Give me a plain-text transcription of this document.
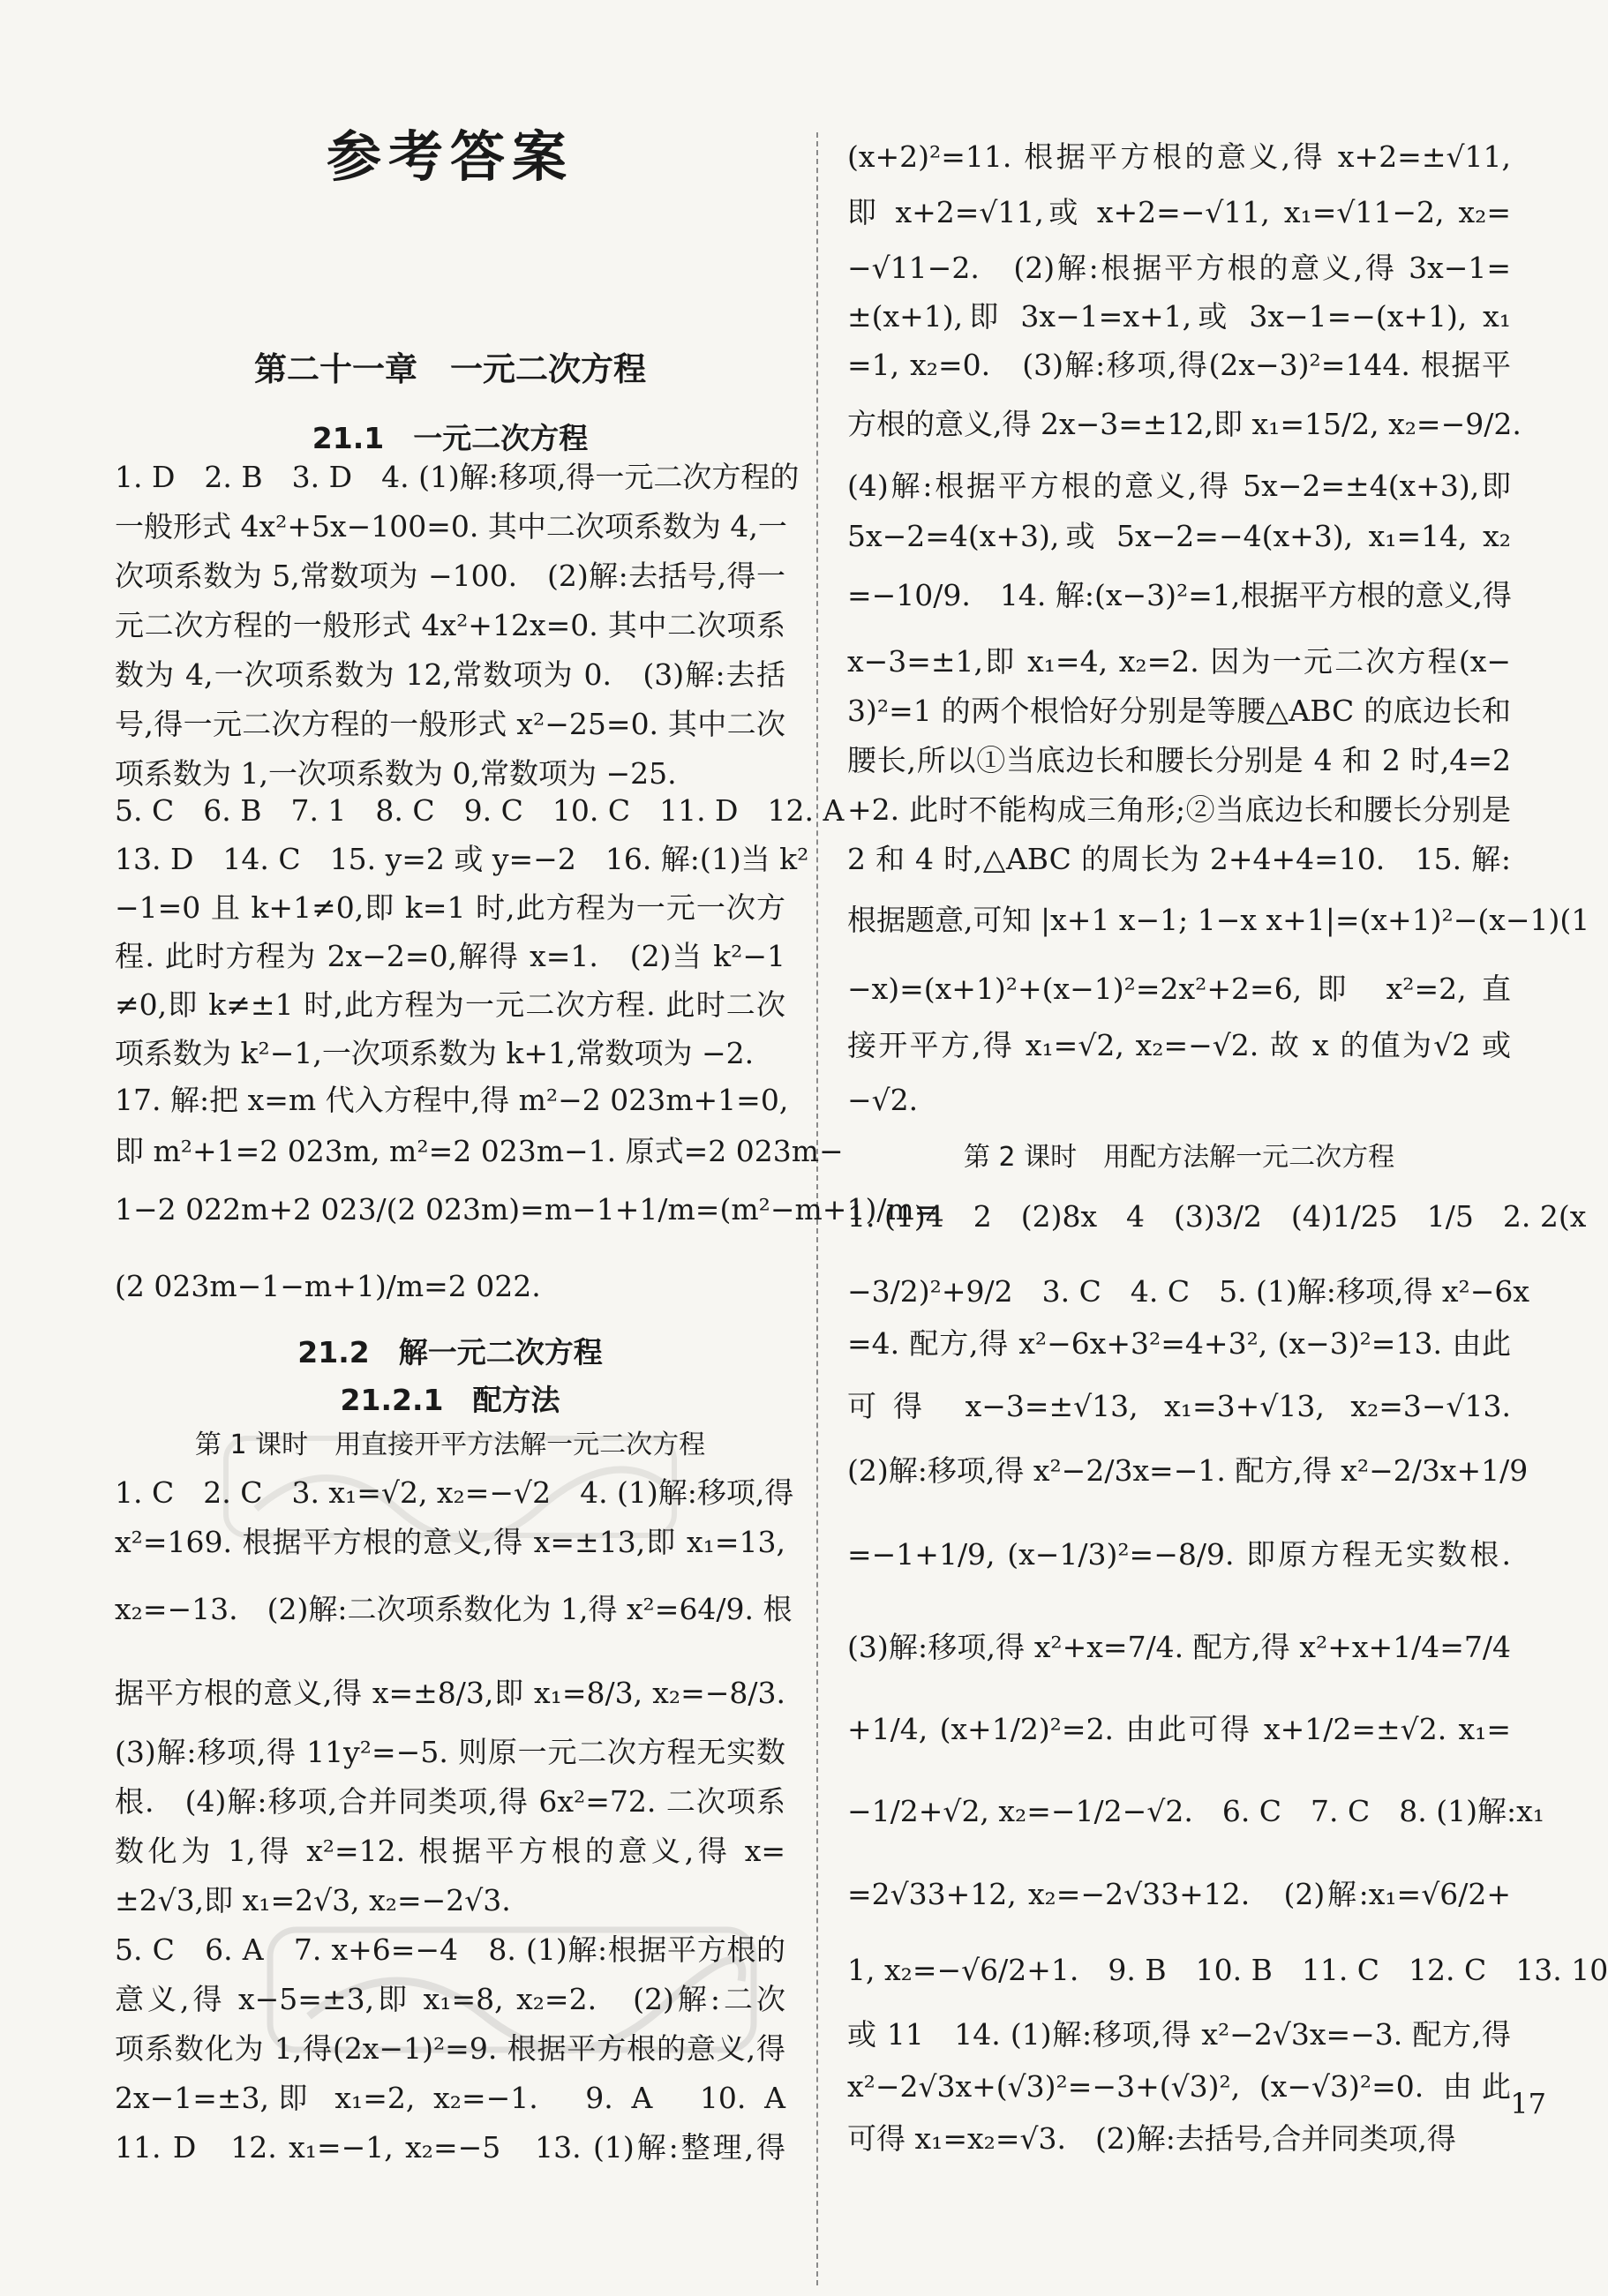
参考答案
第二十一章　一元二次方程
21.1　一元二次方程
1. D　2. B　3. D　4. (1)解:移项,得一元二次方程的
一般形式 4x²+5x−100=0. 其中二次项系数为 4,一
次项系数为 5,常数项为 −100.　(2)解:去括号,得一
元二次方程的一般形式 4x²+12x=0. 其中二次项系
数为 4,一次项系数为 12,常数项为 0.　(3)解:去括
号,得一元二次方程的一般形式 x²−25=0. 其中二次
项系数为 1,一次项系数为 0,常数项为 −25.
5. C　6. B　7. 1　8. C　9. C　10. C　11. D　12. A
13. D　14. C　15. y=2 或 y=−2　16. 解:(1)当 k²
−1=0 且 k+1≠0,即 k=1 时,此方程为一元一次方
程. 此时方程为 2x−2=0,解得 x=1.　(2)当 k²−1
≠0,即 k≠±1 时,此方程为一元二次方程. 此时二次
项系数为 k²−1,一次项系数为 k+1,常数项为 −2.
17. 解:把 x=m 代入方程中,得 m²−2 023m+1=0,
即 m²+1=2 023m, m²=2 023m−1. 原式=2 023m−
1−2 022m+2 023/(2 023m)=m−1+1/m=(m²−m+1)/m=
(2 023m−1−m+1)/m=2 022.
21.2　解一元二次方程
21.2.1　配方法
第 1 课时　用直接开平方法解一元二次方程
1. C　2. C　3. x₁=√2, x₂=−√2　4. (1)解:移项,得
x²=169. 根据平方根的意义,得 x=±13,即 x₁=13,
x₂=−13.　(2)解:二次项系数化为 1,得 x²=64/9. 根
据平方根的意义,得 x=±8/3,即 x₁=8/3, x₂=−8/3.
(3)解:移项,得 11y²=−5. 则原一元二次方程无实数
根.　(4)解:移项,合并同类项,得 6x²=72. 二次项系
数化为 1,得 x²=12. 根据平方根的意义,得 x=
±2√3,即 x₁=2√3, x₂=−2√3.
5. C　6. A　7. x+6=−4　8. (1)解:根据平方根的
意义,得 x−5=±3,即 x₁=8, x₂=2.　(2)解:二次
项系数化为 1,得(2x−1)²=9. 根据平方根的意义,得
2x−1=±3,即 x₁=2, x₂=−1.　9. A　10. A
11. D　12. x₁=−1, x₂=−5　13. (1)解:整理,得
(x+2)²=11. 根据平方根的意义,得 x+2=±√11,
即 x+2=√11,或 x+2=−√11, x₁=√11−2, x₂=
−√11−2.　(2)解:根据平方根的意义,得 3x−1=
±(x+1),即 3x−1=x+1,或 3x−1=−(x+1), x₁
=1, x₂=0.　(3)解:移项,得(2x−3)²=144. 根据平
方根的意义,得 2x−3=±12,即 x₁=15/2, x₂=−9/2.
(4)解:根据平方根的意义,得 5x−2=±4(x+3),即
5x−2=4(x+3),或 5x−2=−4(x+3), x₁=14, x₂
=−10/9.　14. 解:(x−3)²=1,根据平方根的意义,得
x−3=±1,即 x₁=4, x₂=2. 因为一元二次方程(x−
3)²=1 的两个根恰好分别是等腰△ABC 的底边长和
腰长,所以①当底边长和腰长分别是 4 和 2 时,4=2
+2. 此时不能构成三角形;②当底边长和腰长分别是
2 和 4 时,△ABC 的周长为 2+4+4=10.　15. 解:
根据题意,可知 |x+1 x−1; 1−x x+1|=(x+1)²−(x−1)(1
−x)=(x+1)²+(x−1)²=2x²+2=6,即 x²=2,直
接开平方,得 x₁=√2, x₂=−√2. 故 x 的值为√2 或
−√2.
第 2 课时　用配方法解一元二次方程
1. (1)4　2　(2)8x　4　(3)3/2　(4)1/25　1/5　2. 2(x
−3/2)²+9/2　3. C　4. C　5. (1)解:移项,得 x²−6x
=4. 配方,得 x²−6x+3²=4+3², (x−3)²=13. 由此
可得 x−3=±√13, x₁=3+√13, x₂=3−√13.
(2)解:移项,得 x²−2/3x=−1. 配方,得 x²−2/3x+1/9
=−1+1/9, (x−1/3)²=−8/9. 即原方程无实数根.
(3)解:移项,得 x²+x=7/4. 配方,得 x²+x+1/4=7/4
+1/4, (x+1/2)²=2. 由此可得 x+1/2=±√2. x₁=
−1/2+√2, x₂=−1/2−√2.　6. C　7. C　8. (1)解:x₁
=2√33+12, x₂=−2√33+12.　(2)解:x₁=√6/2+
1, x₂=−√6/2+1.　9. B　10. B　11. C　12. C　13. 10
或 11　14. (1)解:移项,得 x²−2√3x=−3. 配方,得
x²−2√3x+(√3)²=−3+(√3)², (x−√3)²=0. 由此
可得 x₁=x₂=√3.　(2)解:去括号,合并同类项,得
17
